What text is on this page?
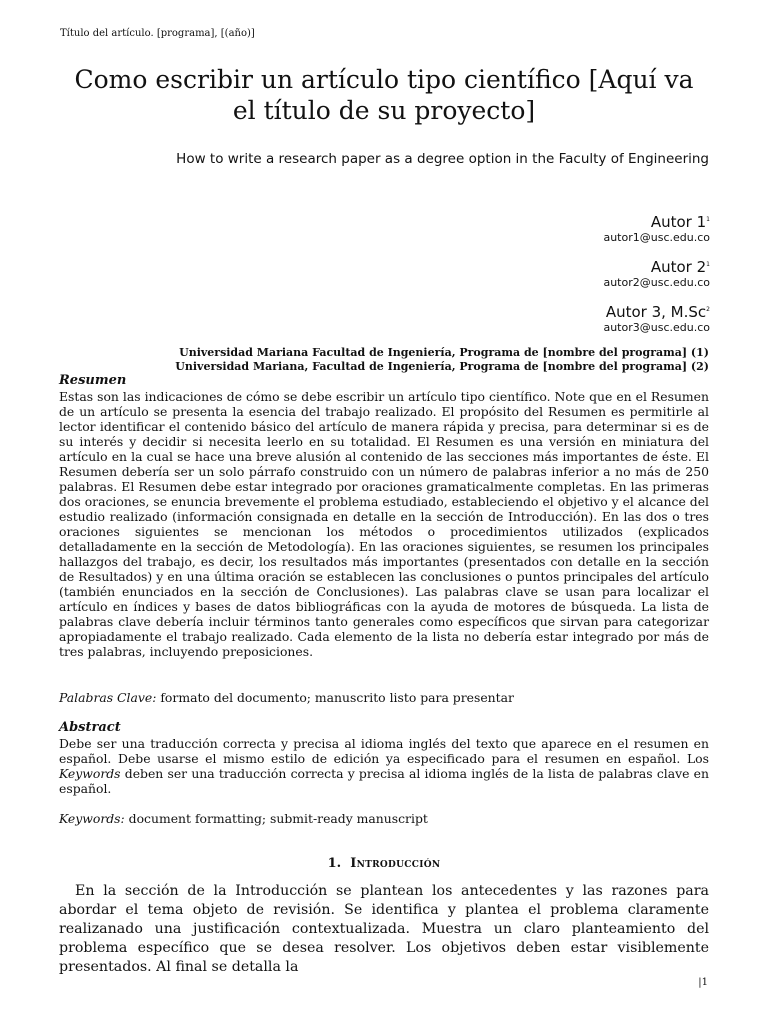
Título del artículo. [programa], [(año)]
Como escribir un artículo tipo científico [Aquí va
el título de su proyecto]
How to write a research paper as a degree option in the Faculty of Engineering
Autor $1^1$
autor1@usc.edu.co
Autor $2^1$
autor2@usc.edu.co
Autor 3, M.Sc$^2$
autor3@usc.edu.co
Universidad Mariana Facultad de Ingeniería, Programa de [nombre del programa] (1)
Universidad Mariana, Facultad de Ingeniería, Programa de [nombre del programa] (2)
Resumen

Estas son las indicaciones de cómo se debe escribir un artículo tipo científico. Note que en el Resumen de un artículo se presenta la esencia del trabajo realizado. El propósito del Resumen es permitirle al lector identificar el contenido básico del artículo de manera rápida y precisa, para determinar si es de su interés y decidir si necesita leerlo en su totalidad. El Resumen es una versión en miniatura del artículo en la cual se hace una breve alusión al contenido de las secciones más importantes de éste. El Resumen debería ser un solo párrafo construido con un número de palabras inferior a no más de 250 palabras. El Resumen debe estar integrado por oraciones gramaticalmente completas. En las primeras dos oraciones, se enuncia brevemente el problema estudiado, estableciendo el objetivo y el alcance del estudio realizado (información consignada en detalle en la sección de Introducción). En las dos o tres oraciones siguientes se mencionan los métodos o procedimientos utilizados (explicados detalladamente en la sección de Metodología). En las oraciones siguientes, se resumen los principales hallazgos del trabajo, es decir, los resultados más importantes (presentados con detalle en la sección de Resultados) y en una última oración se establecen las conclusiones o puntos principales del artículo (también enunciados en la sección de Conclusiones). Las palabras clave se usan para localizar el artículo en índices y bases de datos bibliográficas con la ayuda de motores de búsqueda. La lista de palabras clave debería incluir términos tanto generales como específicos que sirvan para categorizar apropiadamente el trabajo realizado. Cada elemento de la lista no debería estar integrado por más de tres palabras, incluyendo preposiciones.

Palabras Clave: formato del documento; manuscrito listo para presentar
Abstract

Debe ser una traducción correcta y precisa al idioma inglés del texto que aparece en el resumen en español. Debe usarse el mismo estilo de edición ya especificado para el resumen en español. Los Keywords deben ser una traducción correcta y precisa al idioma inglés de la lista de palabras clave en español.

Keywords: document formatting; submit-ready manuscript
1. Introducción

En la sección de la Introducción se plantean los antecedentes y las razones para abordar el tema objeto de revisión. Se identifica y plantea el problema claramente realizanado una justificación contextualizada. Muestra un claro planteamiento del problema específico que se desea resolver. Los objetivos deben estar visiblemente presentados. Al final se detalla la

|1
